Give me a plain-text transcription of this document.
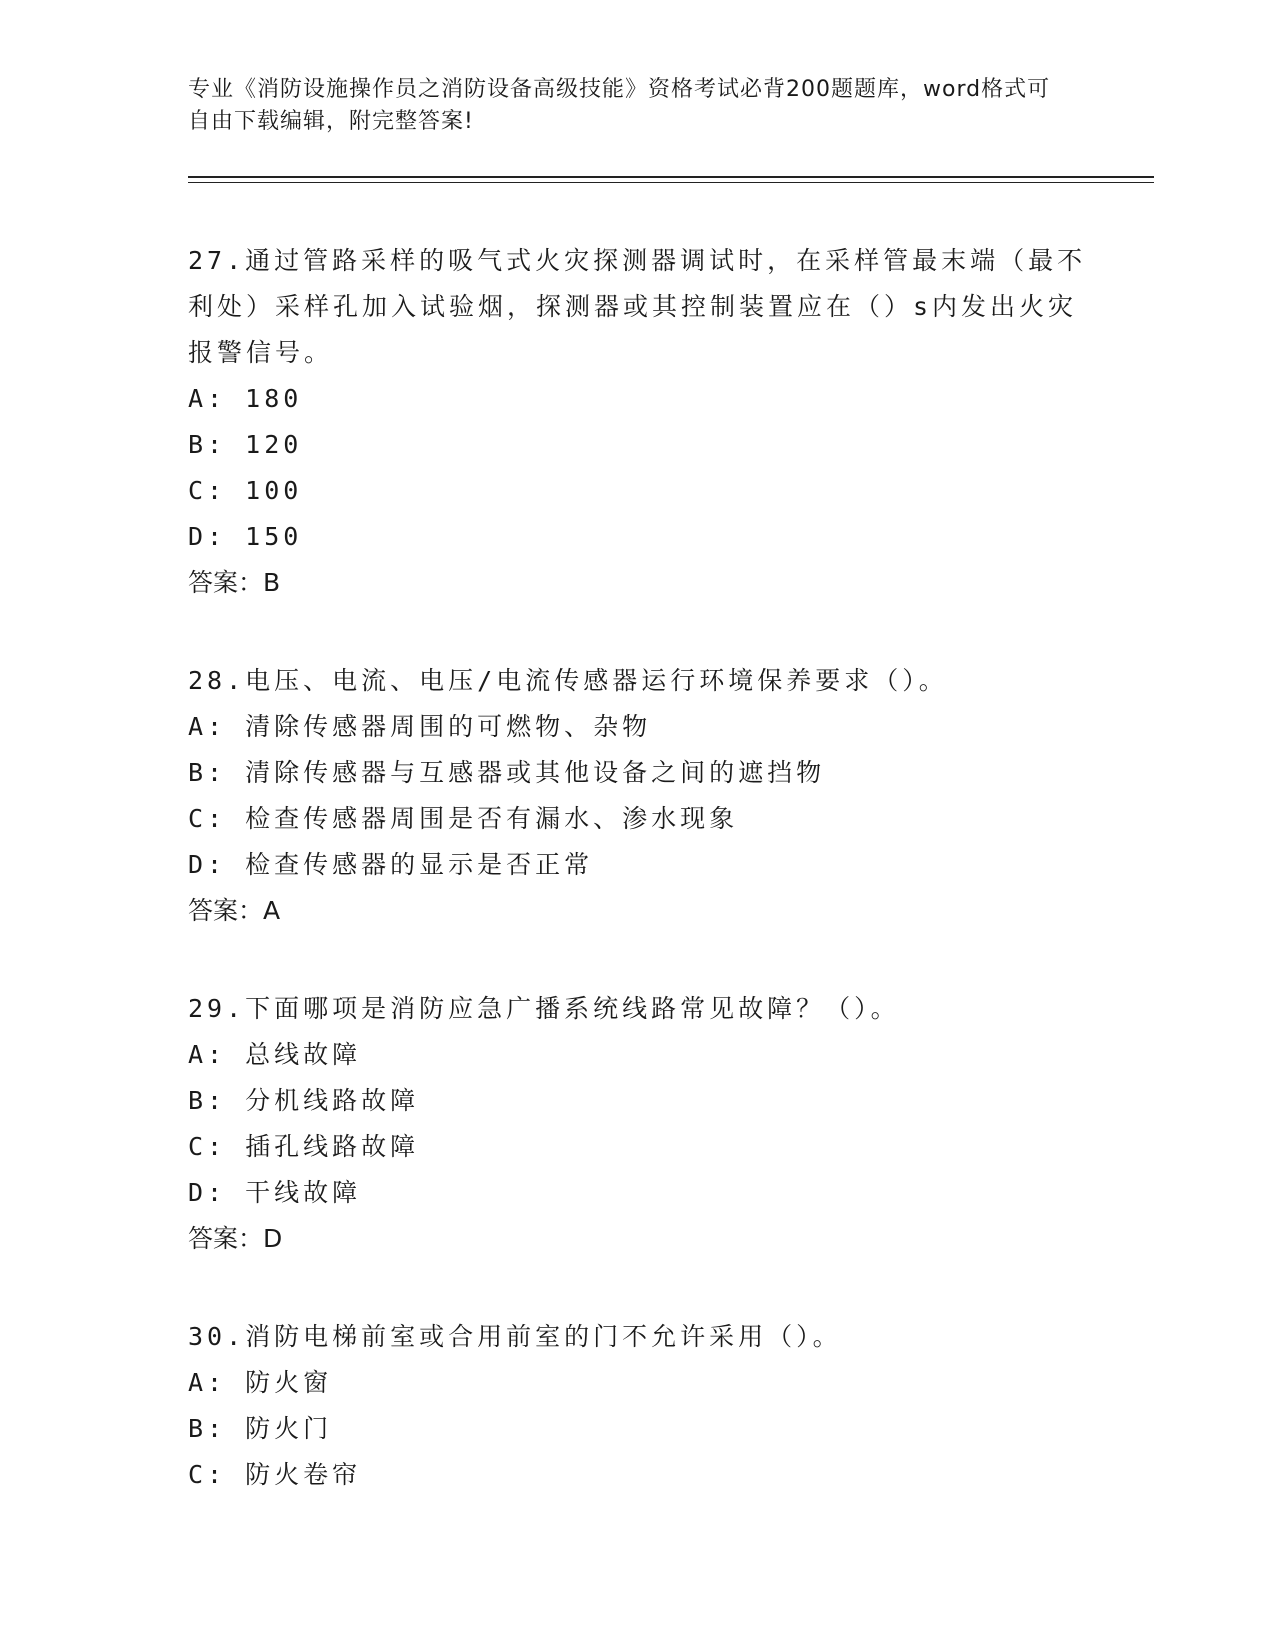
专业《消防设施操作员之消防设备高级技能》资格考试必背200题题库，word格式可自由下载编辑，附完整答案!

27.通过管路采样的吸气式火灾探测器调试时，在采样管最末端（最不利处）采样孔加入试验烟，探测器或其控制装置应在（）s内发出火灾报警信号。

A: 180

B: 120

C: 100

D: 150

答案：B

28.电压、电流、电压/电流传感器运行环境保养要求（）。

A: 清除传感器周围的可燃物、杂物

B: 清除传感器与互感器或其他设备之间的遮挡物

C: 检查传感器周围是否有漏水、渗水现象

D: 检查传感器的显示是否正常

答案：A

29.下面哪项是消防应急广播系统线路常见故障？（）。

A: 总线故障

B: 分机线路故障

C: 插孔线路故障

D: 干线故障

答案：D

30.消防电梯前室或合用前室的门不允许采用（）。

A: 防火窗

B: 防火门

C: 防火卷帘
